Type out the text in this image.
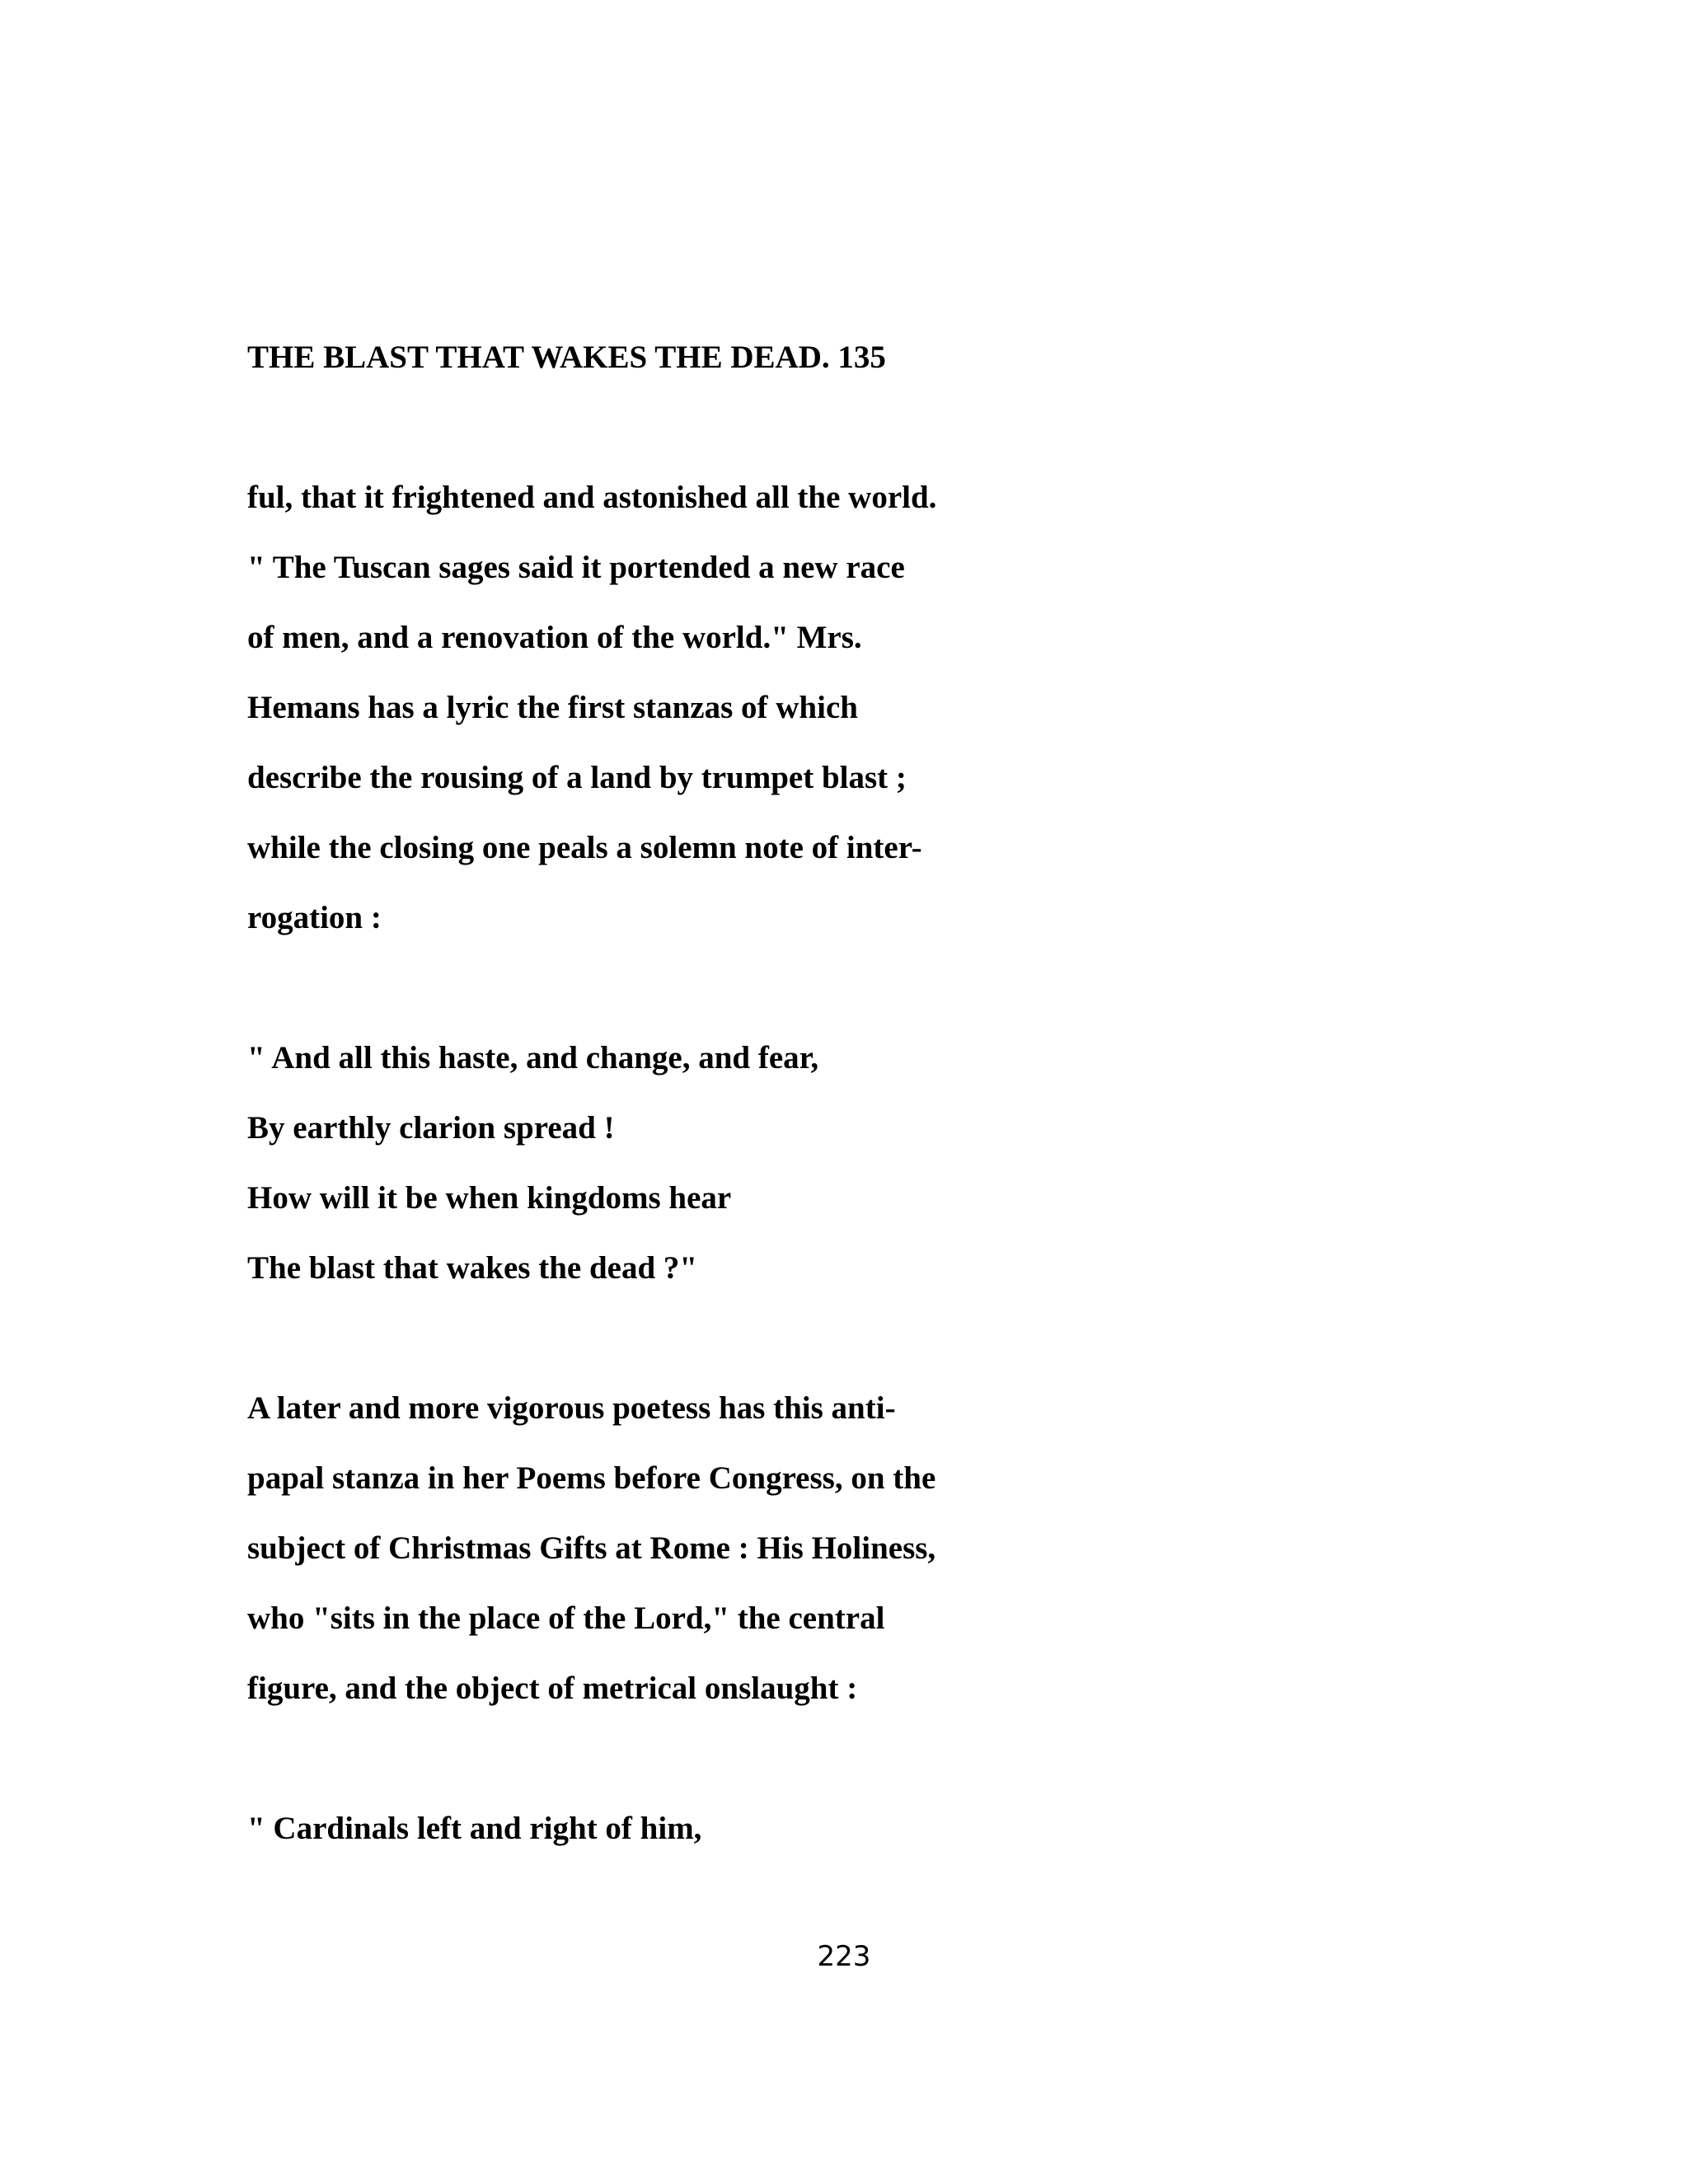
THE BLAST THAT WAKES THE DEAD. 135

ful, that it frightened and astonished all the world.

" The Tuscan sages said it portended a new race

of men, and a renovation of the world." Mrs.

Hemans has a lyric the first stanzas of which

describe the rousing of a land by trumpet blast ;

while the closing one peals a solemn note of inter-

rogation :

" And all this haste, and change, and fear,

By earthly clarion spread !

How will it be when kingdoms hear

The blast that wakes the dead ?"

A later and more vigorous poetess has this anti-

papal stanza in her Poems before Congress, on the

subject of Christmas Gifts at Rome : His Holiness,

who "sits in the place of the Lord," the central

figure, and the object of metrical onslaught :

" Cardinals left and right of him,

223
